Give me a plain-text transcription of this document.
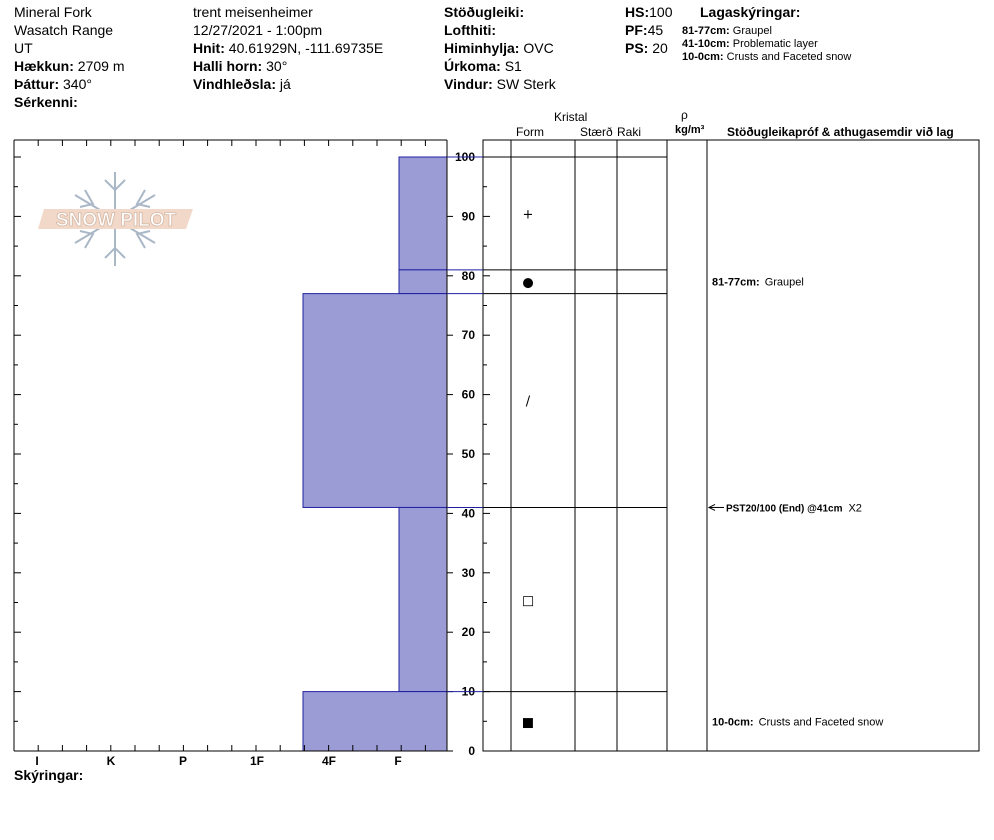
Mineral Fork
Wasatch Range
UT
Hækkun: 2709 m
Þáttur: 340°
Sérkenni:
trent meisenheimer
12/27/2021 - 1:00pm
Hnit: 40.61929N, -111.69735E
Halli horn: 30°
Vindhleðsla: já
Stöðugleiki:
Lofthiti:
Himinhylja: OVC
Úrkoma: S1
Vindur: SW Sterk
HS:100
PF:45
PS: 20
Lagaskýringar:
81-77cm: Graupel
41-10cm: Problematic layer
10-0cm: Crusts and Faceted snow
Kristal
Form	Stærð Raki
ρ
kg/m³ Stöðugleikapróf & athugasemdir við lag
Skýringar:
SNOW PILOT
I	K	P	1F	4F	F
0
10
20
30
40
50
60
70
80
90
100
+
●
/
□
■
81-77cm: Graupel
10-0cm: Crusts and Faceted snow
PST20/100 (End) @41cm X2
